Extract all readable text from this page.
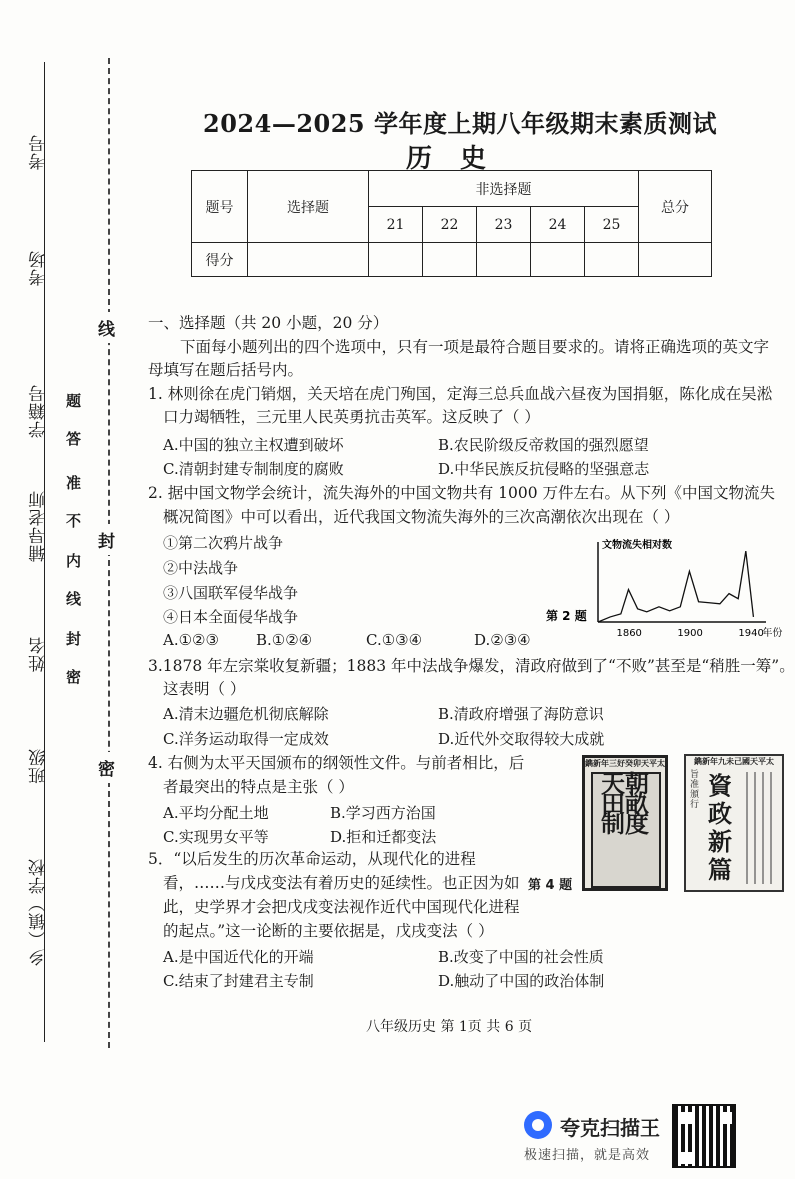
考号
考场
学籍号
辅导老师
姓名
班级
乡（镇）学校
题
答
准
不
内
线
封
密
线
封
密
2024—2025 学年度上期八年级期末素质测试
历史
题号	选择题	非选择题					总分
		21	22	23	24	25	
得分							
一、选择题（共 20 小题，20 分）
下面每小题列出的四个选项中，只有一项是最符合题目要求的。请将正确选项的英文字
母填写在题后括号内。
1. 林则徐在虎门销烟，关天培在虎门殉国，定海三总兵血战六昼夜为国捐躯，陈化成在吴淞
口力竭牺牲，三元里人民英勇抗击英军。这反映了（ ）
A.中国的独立主权遭到破坏	B.农民阶级反帝救国的强烈愿望
C.清朝封建专制制度的腐败	D.中华民族反抗侵略的坚强意志
2. 据中国文物学会统计，流失海外的中国文物共有 1000 万件左右。从下列《中国文物流失
概况简图》中可以看出，近代我国文物流失海外的三次高潮依次出现在（ ）
①第二次鸦片战争
②中法战争
③八国联军侵华战争
④日本全面侵华战争
A.①②③ B.①②④	C.①③④	D.②③④
文物流失相对数
1860	1900	1940
年份
第 2 题
3.1878 年左宗棠收复新疆；1883 年中法战争爆发，清政府做到了“不败”甚至是“稍胜一筹”。
这表明（ ）
A.清末边疆危机彻底解除	B.清政府增强了海防意识
C.洋务运动取得一定成效	D.近代外交取得较大成就
4. 右侧为太平天国颁布的纲领性文件。与前者相比，后
者最突出的特点是主张（ ）
A.平均分配土地	B.学习西方治国
C.实现男女平等	D.拒和迁都变法
鐫新年三好癸卯天平太
天朝田畝制度
鐫新年九未己國天平太
旨准頒行
資政新篇
第 4 题
5．“以后发生的历次革命运动，从现代化的进程
看，……与戊戌变法有着历史的延续性。也正因为如
此，史学界才会把戊戌变法视作近代中国现代化进程
的起点。”这一论断的主要依据是，戊戌变法（ ）
A.是中国近代化的开端	B.改变了中国的社会性质
C.结束了封建君主专制	D.触动了中国的政治体制
八年级历史 第 1页 共 6 页
夸克扫描王
极速扫描，就是高效
